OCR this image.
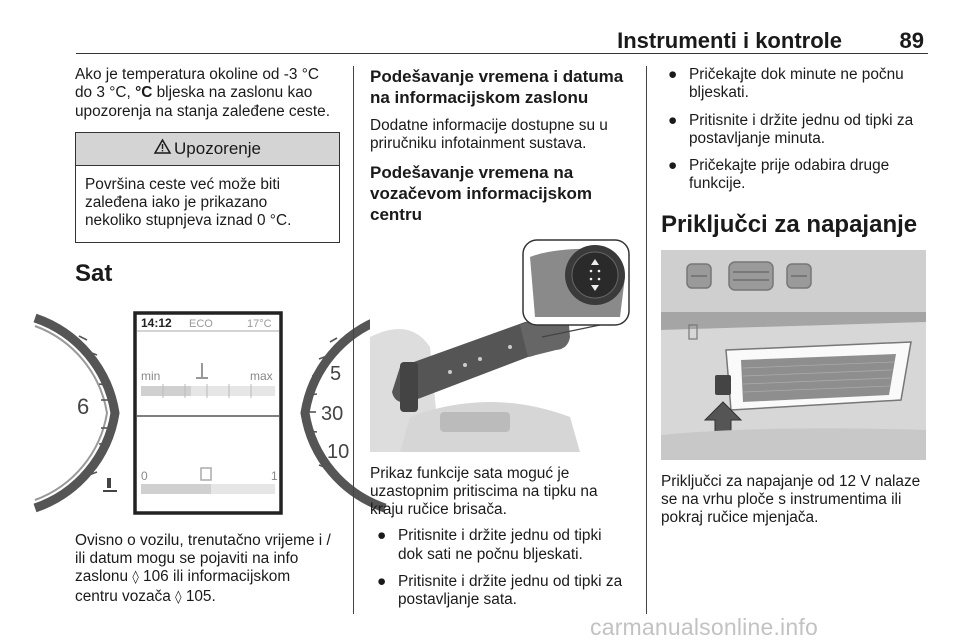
Instrumenti i kontrole	89

Ako je temperatura okoline od -3 °C
do 3 °C, °C bljeska na zaslonu kao
upozorenja na stanja zaleđene ceste.

Upozorenje

Površina ceste već može biti
zaleđena iako je prikazano
nekoliko stupnjeva iznad 0 °C.

Sat
6
5
30
10
14:12 ECO	17°C
min	max
0	1

Ovisno o vozilu, trenutačno vrijeme i /
ili datum mogu se pojaviti na info
zaslonu ◊ 106 ili informacijskom
centru vozača ◊ 105.

Podešavanje vremena i datuma
na informacijskom zaslonu

Dodatne informacije dostupne su u
priručniku infotainment sustava.

Podešavanje vremena na
vozačevom informacijskom
centru

Prikaz funkcije sata moguć je
uzastopnim pritiscima na tipku na
kraju ručice brisača.

● Pritisnite i držite jednu od tipki
dok sati ne počnu bljeskati.
● Pritisnite i držite jednu od tipki za
postavljanje sata.
● Pričekajte dok minute ne počnu
bljeskati.
● Pritisnite i držite jednu od tipki za
postavljanje minuta.
● Pričekajte prije odabira druge
funkcije.
Priključci za napajanje

Priključci za napajanje od 12 V nalaze
se na vrhu ploče s instrumentima ili
pokraj ručice mjenjača.

carmanualsonline.info
